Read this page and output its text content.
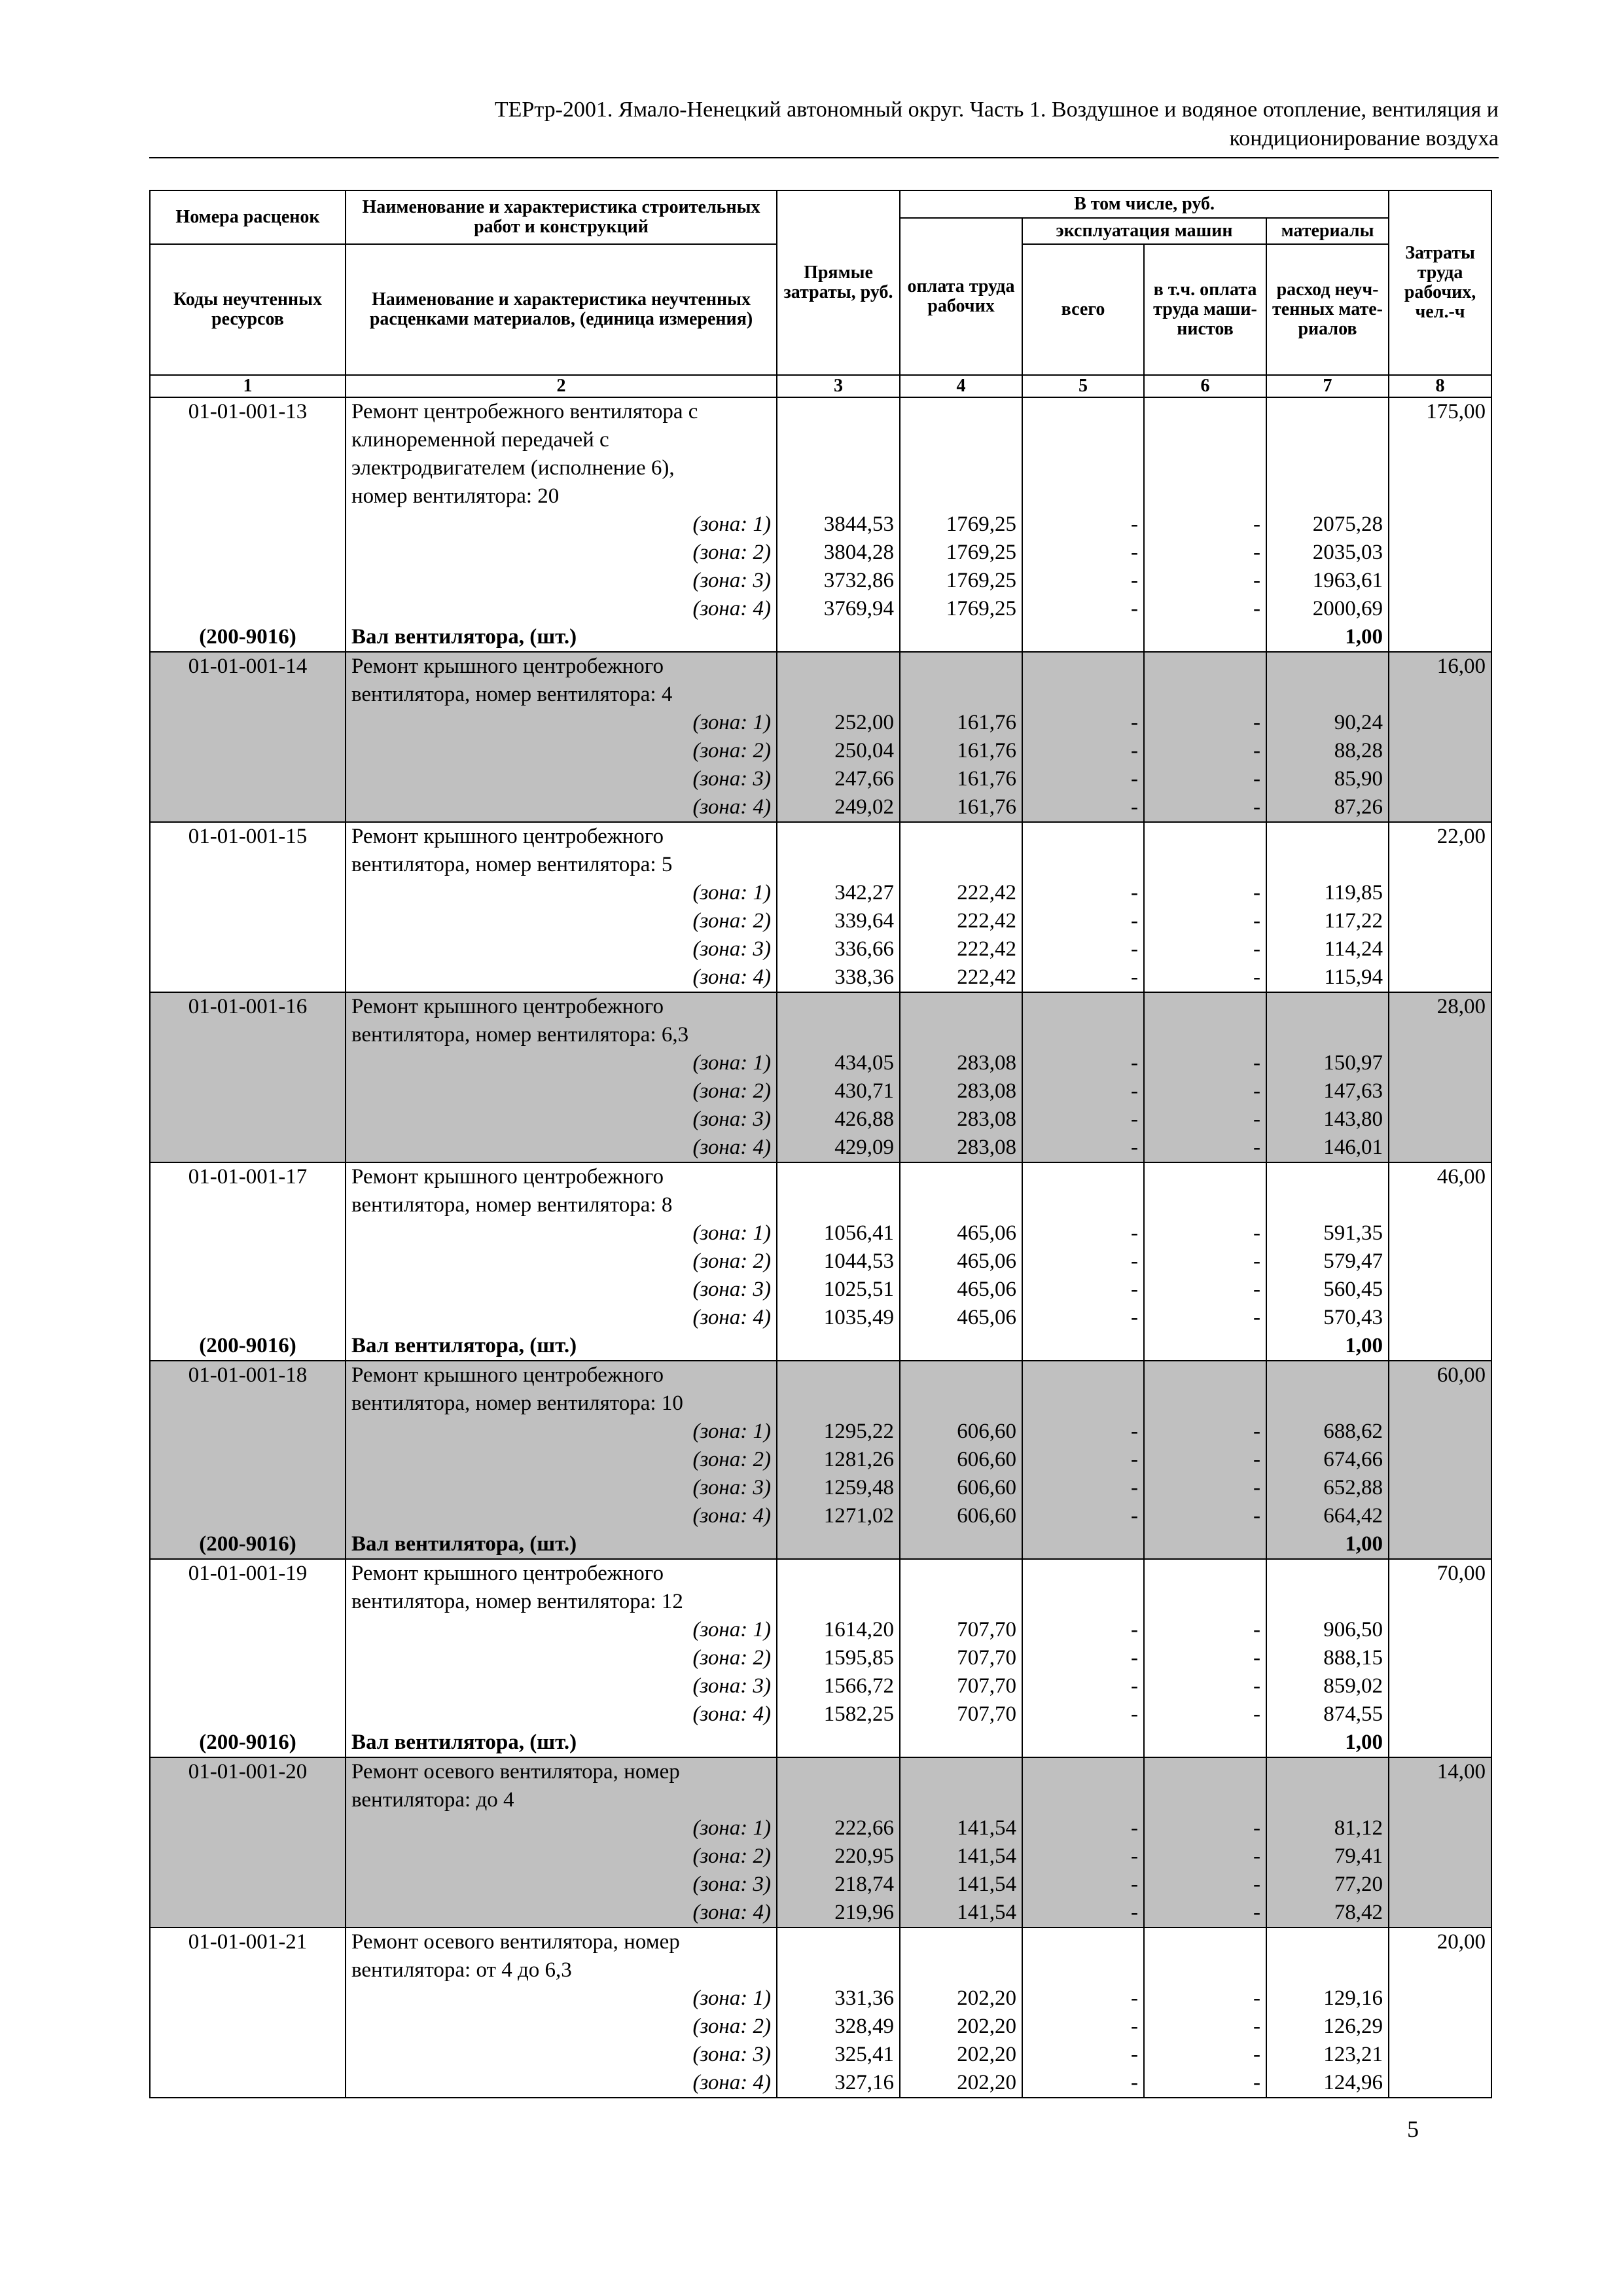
ТЕРтр-2001. Ямало-Ненецкий автономный округ. Часть 1. Воздушное и водяное отопление, вентиляция и
кондиционирование воздуха
Номера расценок	Наименование и характеристика строительных работ и конструкций	Прямые затраты, руб.	В том числе, руб.				Затраты труда рабочих, чел.-ч
			оплата труда рабочих	эксплуатация машин		материалы	
Коды неучтенных ресурсов	Наименование и характеристика неучтенных расценками материалов, (единица измерения)			всего	в т.ч. оплата труда маши- нистов	расход неуч- тенных мате- риалов	

1	2	3	4	5	6	7	8
01-01-001-13	Ремонт центробежного вентилятора с						175,00
	клиноременной передачей с						
	электродвигателем (исполнение 6),						
	номер вентилятора: 20						
	(зона: 1)	3844,53	1769,25	-	-	2075,28	
	(зона: 2)	3804,28	1769,25	-	-	2035,03	
	(зона: 3)	3732,86	1769,25	-	-	1963,61	
	(зона: 4)	3769,94	1769,25	-	-	2000,69	
(200-9016)	Вал вентилятора, (шт.)					1,00	
01-01-001-14	Ремонт крышного центробежного						16,00
	вентилятора, номер вентилятора: 4						
	(зона: 1)	252,00	161,76	-	-	90,24	
	(зона: 2)	250,04	161,76	-	-	88,28	
	(зона: 3)	247,66	161,76	-	-	85,90	
	(зона: 4)	249,02	161,76	-	-	87,26	
01-01-001-15	Ремонт крышного центробежного						22,00
	вентилятора, номер вентилятора: 5						
	(зона: 1)	342,27	222,42	-	-	119,85	
	(зона: 2)	339,64	222,42	-	-	117,22	
	(зона: 3)	336,66	222,42	-	-	114,24	
	(зона: 4)	338,36	222,42	-	-	115,94	
01-01-001-16	Ремонт крышного центробежного						28,00
	вентилятора, номер вентилятора: 6,3						
	(зона: 1)	434,05	283,08	-	-	150,97	
	(зона: 2)	430,71	283,08	-	-	147,63	
	(зона: 3)	426,88	283,08	-	-	143,80	
	(зона: 4)	429,09	283,08	-	-	146,01	
01-01-001-17	Ремонт крышного центробежного						46,00
	вентилятора, номер вентилятора: 8						
	(зона: 1)	1056,41	465,06	-	-	591,35	
	(зона: 2)	1044,53	465,06	-	-	579,47	
	(зона: 3)	1025,51	465,06	-	-	560,45	
	(зона: 4)	1035,49	465,06	-	-	570,43	
(200-9016)	Вал вентилятора, (шт.)					1,00	
01-01-001-18	Ремонт крышного центробежного						60,00
	вентилятора, номер вентилятора: 10						
	(зона: 1)	1295,22	606,60	-	-	688,62	
	(зона: 2)	1281,26	606,60	-	-	674,66	
	(зона: 3)	1259,48	606,60	-	-	652,88	
	(зона: 4)	1271,02	606,60	-	-	664,42	
(200-9016)	Вал вентилятора, (шт.)					1,00	
01-01-001-19	Ремонт крышного центробежного						70,00
	вентилятора, номер вентилятора: 12						
	(зона: 1)	1614,20	707,70	-	-	906,50	
	(зона: 2)	1595,85	707,70	-	-	888,15	
	(зона: 3)	1566,72	707,70	-	-	859,02	
	(зона: 4)	1582,25	707,70	-	-	874,55	
(200-9016)	Вал вентилятора, (шт.)					1,00	
01-01-001-20	Ремонт осевого вентилятора, номер						14,00
	вентилятора: до 4						
	(зона: 1)	222,66	141,54	-	-	81,12	
	(зона: 2)	220,95	141,54	-	-	79,41	
	(зона: 3)	218,74	141,54	-	-	77,20	
	(зона: 4)	219,96	141,54	-	-	78,42	
01-01-001-21	Ремонт осевого вентилятора, номер						20,00
	вентилятора: от 4 до 6,3						
	(зона: 1)	331,36	202,20	-	-	129,16	
	(зона: 2)	328,49	202,20	-	-	126,29	
	(зона: 3)	325,41	202,20	-	-	123,21	
	(зона: 4)	327,16	202,20	-	-	124,96	
5
